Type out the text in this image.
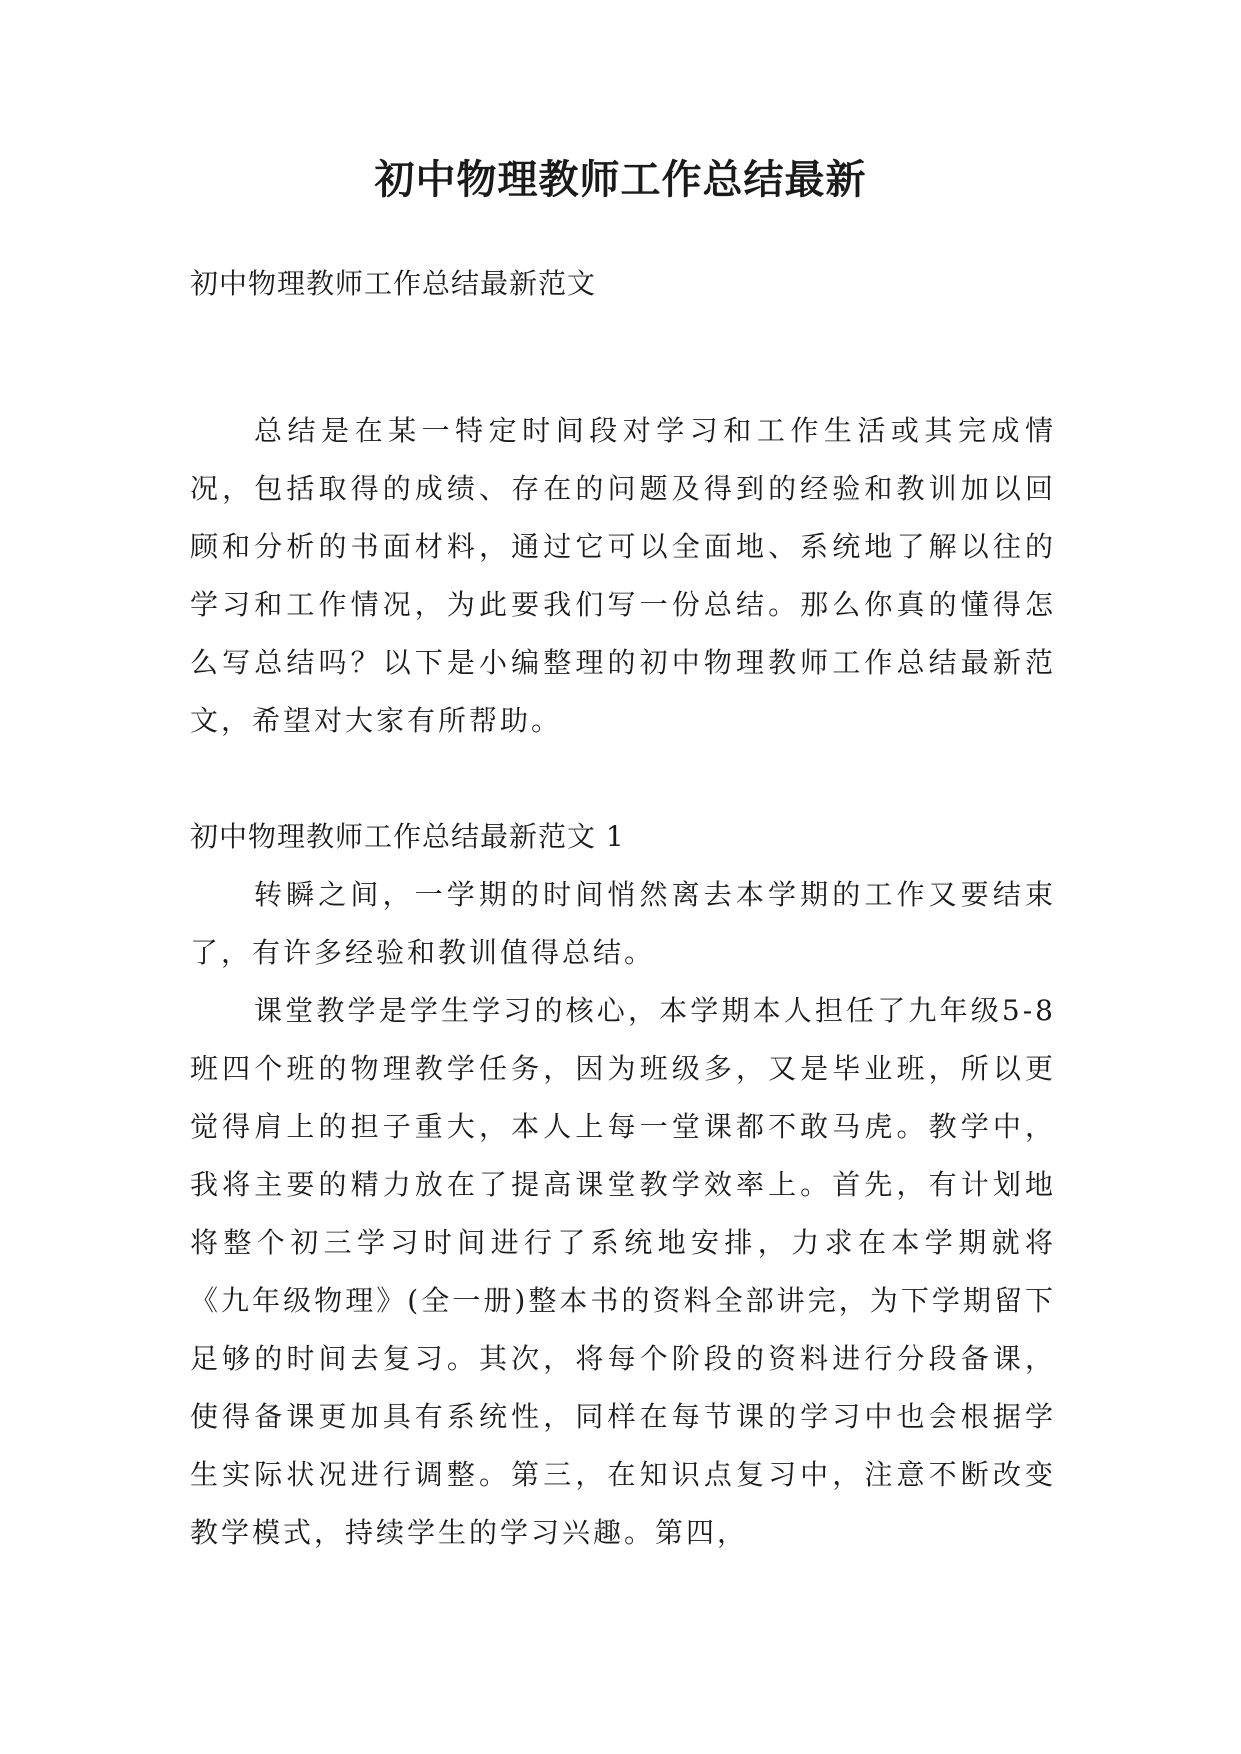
初中物理教师工作总结最新
初中物理教师工作总结最新范文

总结是在某一特定时间段对学习和工作生活或其完成情况，包括取得的成绩、存在的问题及得到的经验和教训加以回顾和分析的书面材料，通过它可以全面地、系统地了解以往的学习和工作情况，为此要我们写一份总结。那么你真的懂得怎么写总结吗？以下是小编整理的初中物理教师工作总结最新范文，希望对大家有所帮助。

初中物理教师工作总结最新范文 1

转瞬之间，一学期的时间悄然离去本学期的工作又要结束了，有许多经验和教训值得总结。

课堂教学是学生学习的核心，本学期本人担任了九年级5-8 班四个班的物理教学任务，因为班级多，又是毕业班，所以更觉得肩上的担子重大，本人上每一堂课都不敢马虎。教学中，我将主要的精力放在了提高课堂教学效率上。首先，有计划地将整个初三学习时间进行了系统地安排，力求在本学期就将《九年级物理》(全一册)整本书的资料全部讲完，为下学期留下足够的时间去复习。其次，将每个阶段的资料进行分段备课，使得备课更加具有系统性，同样在每节课的学习中也会根据学生实际状况进行调整。第三，在知识点复习中，注意不断改变教学模式，持续学生的学习兴趣。第四，
